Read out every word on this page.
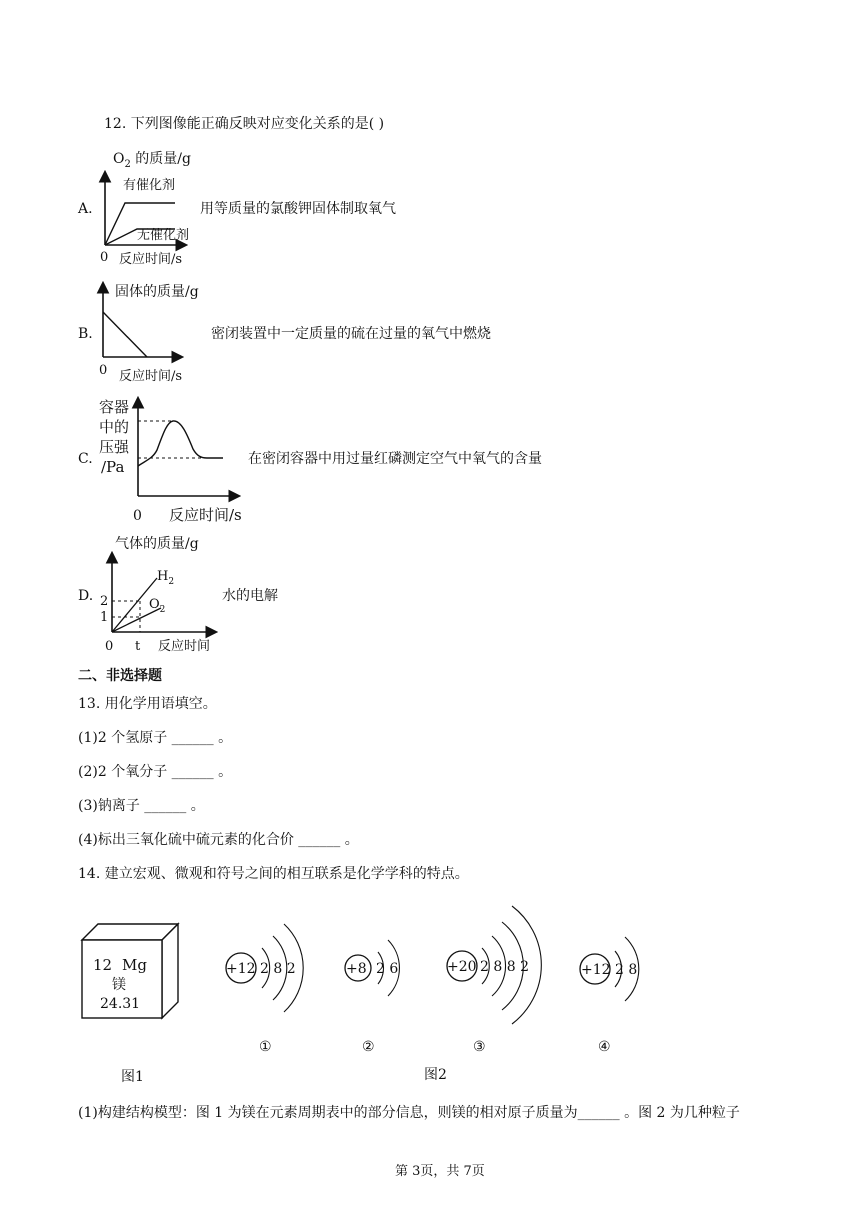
12. 下列图像能正确反映对应变化关系的是( )
A.
$O_2$ 的质量/g
有催化剂
无催化剂
0 反应时间/s
用等质量的氯酸钾固体制取氧气
B.
固体的质量/g
0 反应时间/s
密闭装置中一定质量的硫在过量的氧气中燃烧
C.
容器
中的
压强
/Pa
0 反应时间/s
在密闭容器中用过量红磷测定空气中氧气的含量
D.
气体的质量/g
$H_2$
$O_2$
2
1
0 t 反应时间
水的电解
二、非选择题
13. 用化学用语填空。
(1)2 个氢原子 ______ 。
(2)2 个氧分子 ______ 。
(3)钠离子 ______ 。
(4)标出三氧化硫中硫元素的化合价 ______ 。
14. 建立宏观、微观和符号之间的相互联系是化学学科的特点。
12 Mg
镁
24.31
图1
+12 2 8 2
①
+8 2 6
②
+20 2 8 8 2
③
+12 2 8
④
图2
(1)构建结构模型：图 1 为镁在元素周期表中的部分信息，则镁的相对原子质量为______ 。图 2 为几种粒子
第 3页，共 7页
